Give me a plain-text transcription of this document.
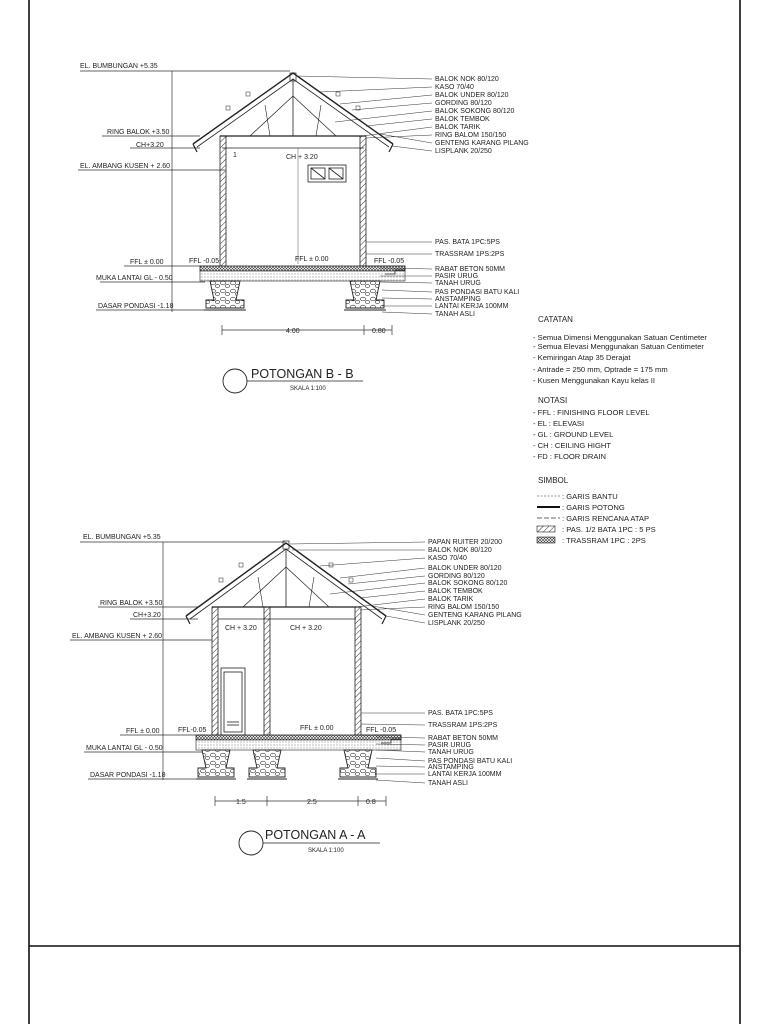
EL. BUMBUNGAN +5.35
RING BALOK +3.50
CH+3.20
EL. AMBANG KUSEN + 2.60
FFL ± 0.00
MUKA LANTAI GL - 0.50
DASAR PONDASI -1.18
1	CH + 3.20
FFL -0.05	FFL ± 0.00	FFL -0.05
4.00	0.80
BALOK NOK 80/120
KASO 70/40
BALOK UNDER 80/120
GORDING 80/120
BALOK SOKONG 80/120
BALOK TEMBOK
BALOK TARIK
RING BALOM 150/150
GENTENG KARANG PILANG
LISPLANK 20/250
PAS. BATA 1PC:5PS
TRASSRAM 1PS:2PS
RABAT BETON 50MM
PASIR URUG
TANAH URUG
PAS PONDASI BATU KALI
ANSTAMPING
LANTAI KERJA 100MM
TANAH ASLI
POTONGAN B - B
SKALA 1:100
CATATAN
- Semua Dimensi Menggunakan Satuan Centimeter
- Semua Elevasi Menggunakan Satuan Centimeter
- Kemiringan Atap 35 Derajat
- Antrade = 250 mm, Optrade = 175 mm
- Kusen Menggunakan Kayu kelas II
NOTASI
- FFL : FINISHING FLOOR LEVEL
- EL : ELEVASI
- GL : GROUND LEVEL
- CH : CEILING HIGHT
- FD : FLOOR DRAIN
SIMBOL
: GARIS BANTU
: GARIS POTONG
: GARIS RENCANA ATAP
: PAS. 1/2 BATA 1PC : 5 PS
: TRASSRAM 1PC : 2PS
EL. BUMBUNGAN +5.35
RING BALOK +3.50
CH+3.20
EL. AMBANG KUSEN + 2.60
FFL ± 0.00
MUKA LANTAI GL - 0.50
DASAR PONDASI -1.18
CH + 3.20	CH + 3.20
FFL-0.05	FFL ± 0.00	FFL -0.05
1.5	2.5	0.8
PAPAN RUITER 20/200
BALOK NOK 80/120
KASO 70/40
BALOK UNDER 80/120
GORDING 80/120
BALOK SOKONG 80/120
BALOK TEMBOK
BALOK TARIK
RING BALOM 150/150
GENTENG KARANG PILANG
LISPLANK 20/250
PAS. BATA 1PC:5PS
TRASSRAM 1PS:2PS
RABAT BETON 50MM
PASIR URUG
TANAH URUG
PAS PONDASI BATU KALI
ANSTAMPING
LANTAI KERJA 100MM
TANAH ASLI
POTONGAN A - A
SKALA 1:100
